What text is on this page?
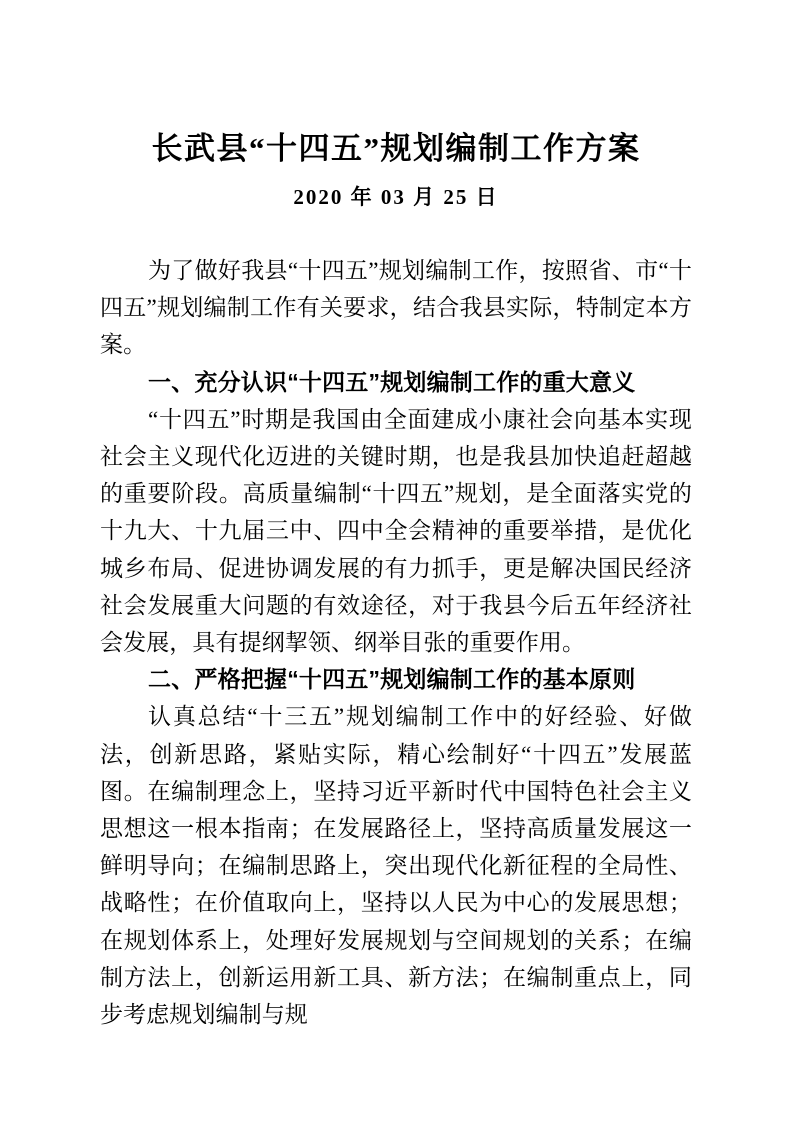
长武县“十四五”规划编制工作方案
2020 年 03 月 25 日

为了做好我县“十四五”规划编制工作，按照省、市“十四五”规划编制工作有关要求，结合我县实际，特制定本方案。

一、充分认识“十四五”规划编制工作的重大意义

“十四五”时期是我国由全面建成小康社会向基本实现社会主义现代化迈进的关键时期，也是我县加快追赶超越的重要阶段。高质量编制“十四五”规划，是全面落实党的十九大、十九届三中、四中全会精神的重要举措，是优化城乡布局、促进协调发展的有力抓手，更是解决国民经济社会发展重大问题的有效途径，对于我县今后五年经济社会发展，具有提纲挈领、纲举目张的重要作用。

二、严格把握“十四五”规划编制工作的基本原则

认真总结“十三五”规划编制工作中的好经验、好做法，创新思路，紧贴实际，精心绘制好“十四五”发展蓝图。在编制理念上，坚持习近平新时代中国特色社会主义思想这一根本指南；在发展路径上，坚持高质量发展这一鲜明导向；在编制思路上，突出现代化新征程的全局性、战略性；在价值取向上，坚持以人民为中心的发展思想；在规划体系上，处理好发展规划与空间规划的关系；在编制方法上，创新运用新工具、新方法；在编制重点上，同步考虑规划编制与规
